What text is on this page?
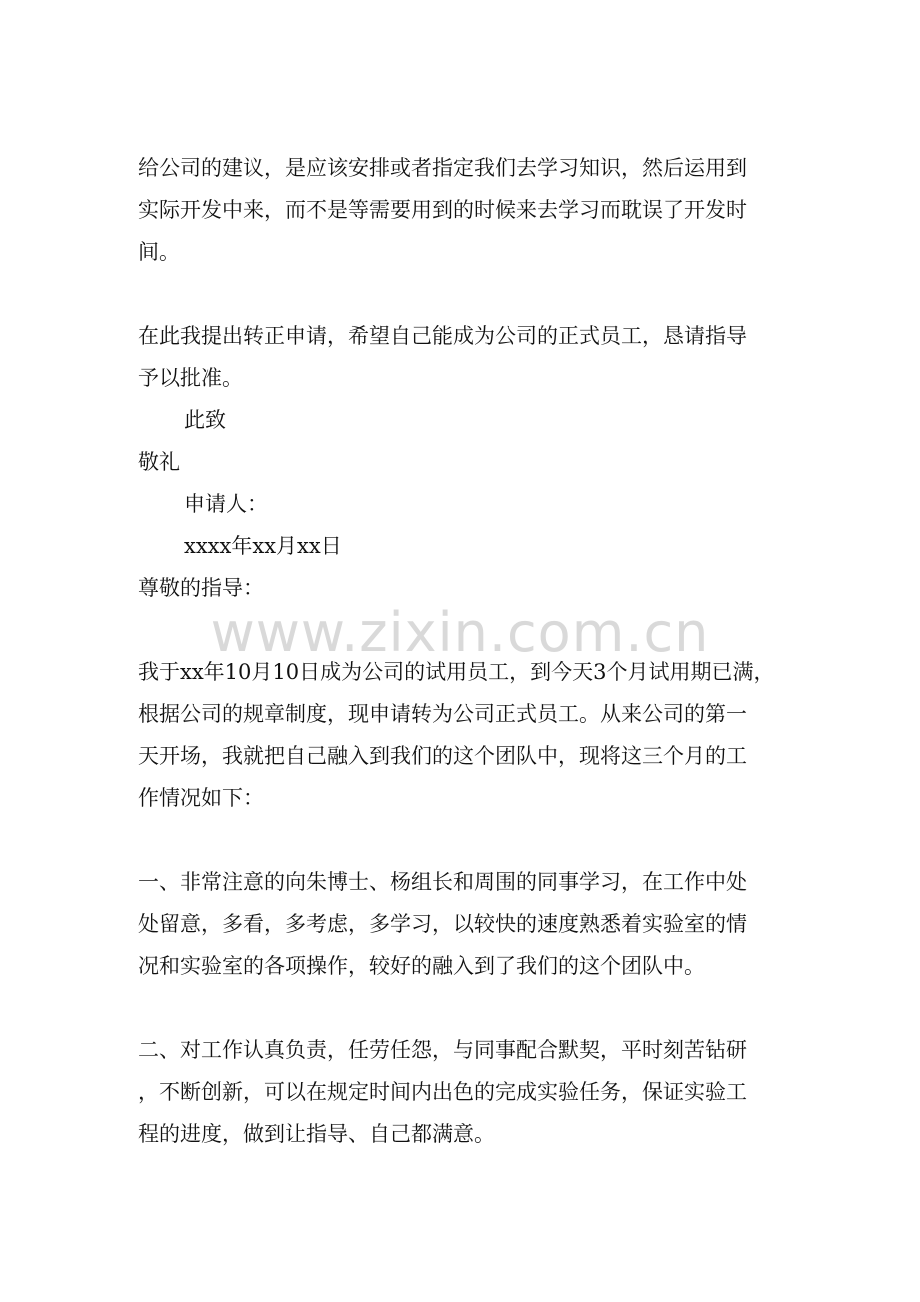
给公司的建议，是应该安排或者指定我们去学习知识，然后运用到
实际开发中来，而不是等需要用到的时候来去学习而耽误了开发时
间。
在此我提出转正申请，希望自己能成为公司的正式员工，恳请指导
予以批准。
此致
敬礼
申请人：
xxxx年xx月xx日
尊敬的指导：
www.zixin.com.cn
我于xx年10月10日成为公司的试用员工，到今天3个月试用期已满，
根据公司的规章制度，现申请转为公司正式员工。从来公司的第一
天开场，我就把自己融入到我们的这个团队中，现将这三个月的工
作情况如下：
一、非常注意的向朱博士、杨组长和周围的同事学习，在工作中处
处留意，多看，多考虑，多学习，以较快的速度熟悉着实验室的情
况和实验室的各项操作，较好的融入到了我们的这个团队中。
二、对工作认真负责，任劳任怨，与同事配合默契，平时刻苦钻研
，不断创新，可以在规定时间内出色的完成实验任务，保证实验工
程的进度，做到让指导、自己都满意。
